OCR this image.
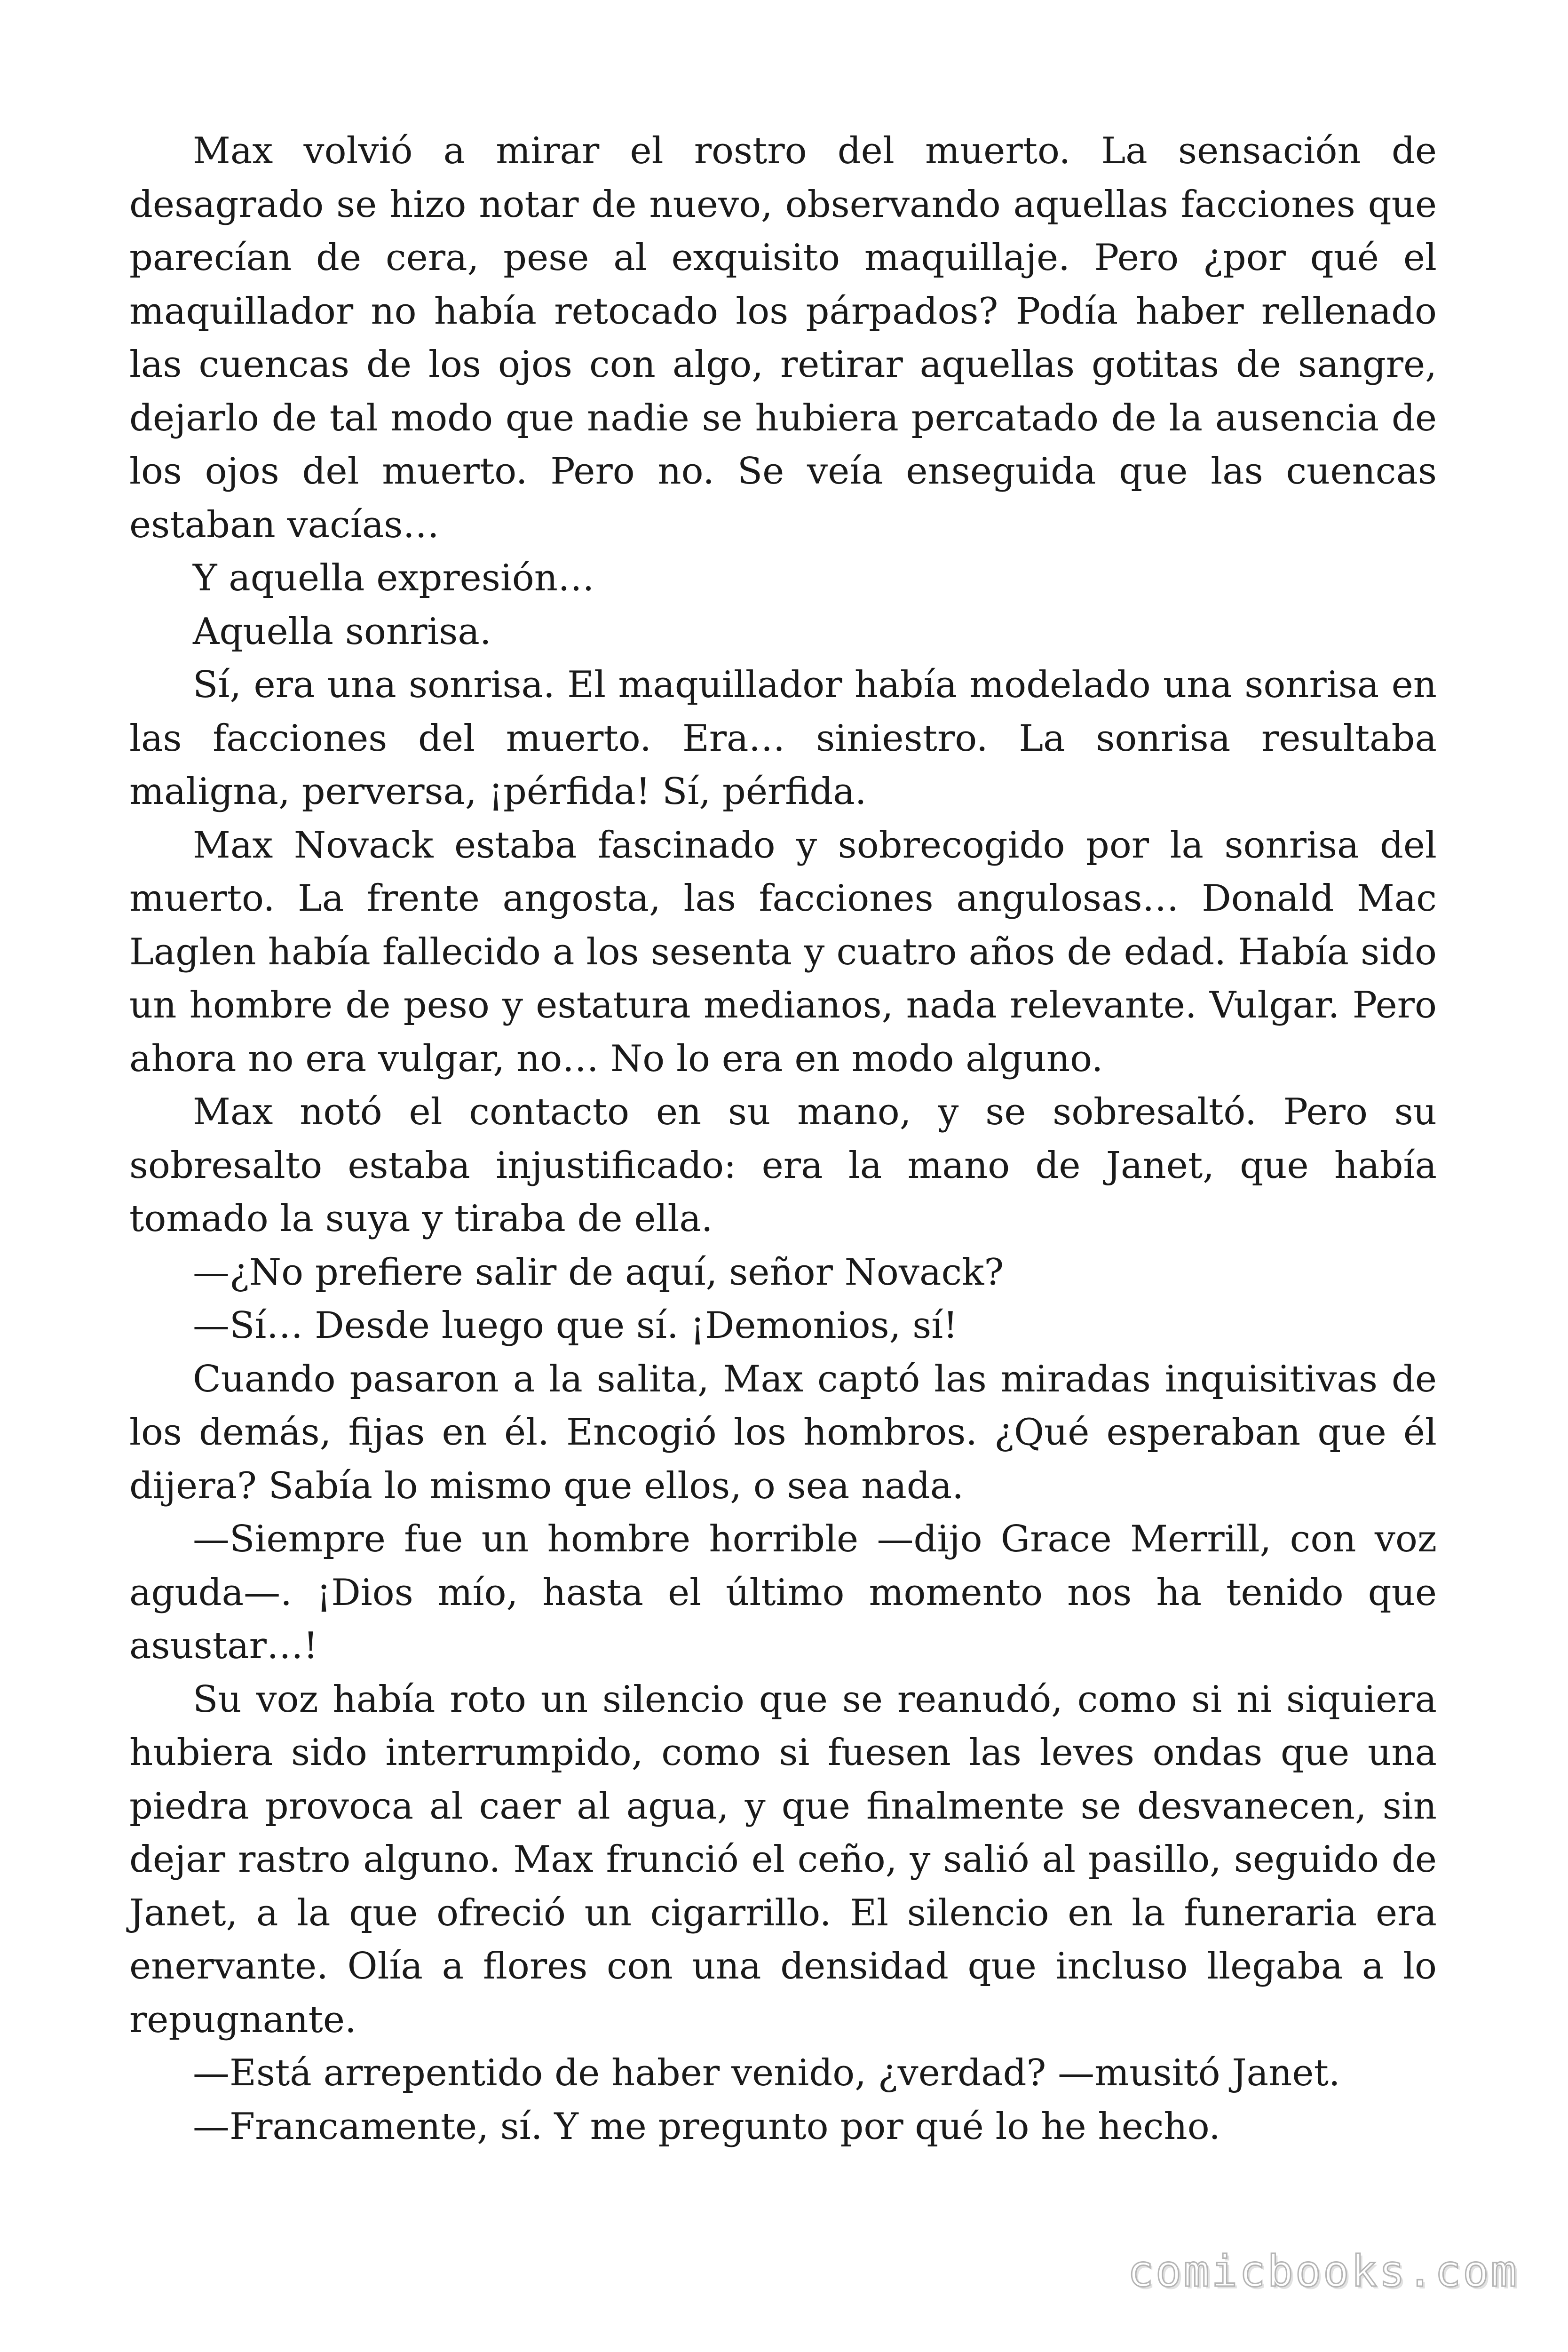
Max volvió a mirar el rostro del muerto. La sensación de desagrado se hizo notar de nuevo, observando aquellas facciones que parecían de cera, pese al exquisito maquillaje. Pero ¿por qué el maquillador no había retocado los párpados? Podía haber rellenado las cuencas de los ojos con algo, retirar aquellas gotitas de sangre, dejarlo de tal modo que nadie se hubiera percatado de la ausencia de los ojos del muerto. Pero no. Se veía enseguida que las cuencas estaban vacías…

Y aquella expresión…

Aquella sonrisa.

Sí, era una sonrisa. El maquillador había modelado una sonrisa en las facciones del muerto. Era… siniestro. La sonrisa resultaba maligna, perversa, ¡pérfida! Sí, pérfida.

Max Novack estaba fascinado y sobrecogido por la sonrisa del muerto. La frente angosta, las facciones angulosas… Donald Mac Laglen había fallecido a los sesenta y cuatro años de edad. Había sido un hombre de peso y estatura medianos, nada relevante. Vulgar. Pero ahora no era vulgar, no… No lo era en modo alguno.

Max notó el contacto en su mano, y se sobresaltó. Pero su sobresalto estaba injustificado: era la mano de Janet, que había tomado la suya y tiraba de ella.

—¿No prefiere salir de aquí, señor Novack?

—Sí… Desde luego que sí. ¡Demonios, sí!

Cuando pasaron a la salita, Max captó las miradas inquisitivas de los demás, fijas en él. Encogió los hombros. ¿Qué esperaban que él dijera? Sabía lo mismo que ellos, o sea nada.

—Siempre fue un hombre horrible —dijo Grace Merrill, con voz aguda—. ¡Dios mío, hasta el último momento nos ha tenido que asustar…!

Su voz había roto un silencio que se reanudó, como si ni siquiera hubiera sido interrumpido, como si fuesen las leves ondas que una piedra provoca al caer al agua, y que finalmente se desvanecen, sin dejar rastro alguno. Max frunció el ceño, y salió al pasillo, seguido de Janet, a la que ofreció un cigarrillo. El silencio en la funeraria era enervante. Olía a flores con una densidad que incluso llegaba a lo repugnante.

—Está arrepentido de haber venido, ¿verdad? —musitó Janet.

—Francamente, sí. Y me pregunto por qué lo he hecho.

comicbooks.com
